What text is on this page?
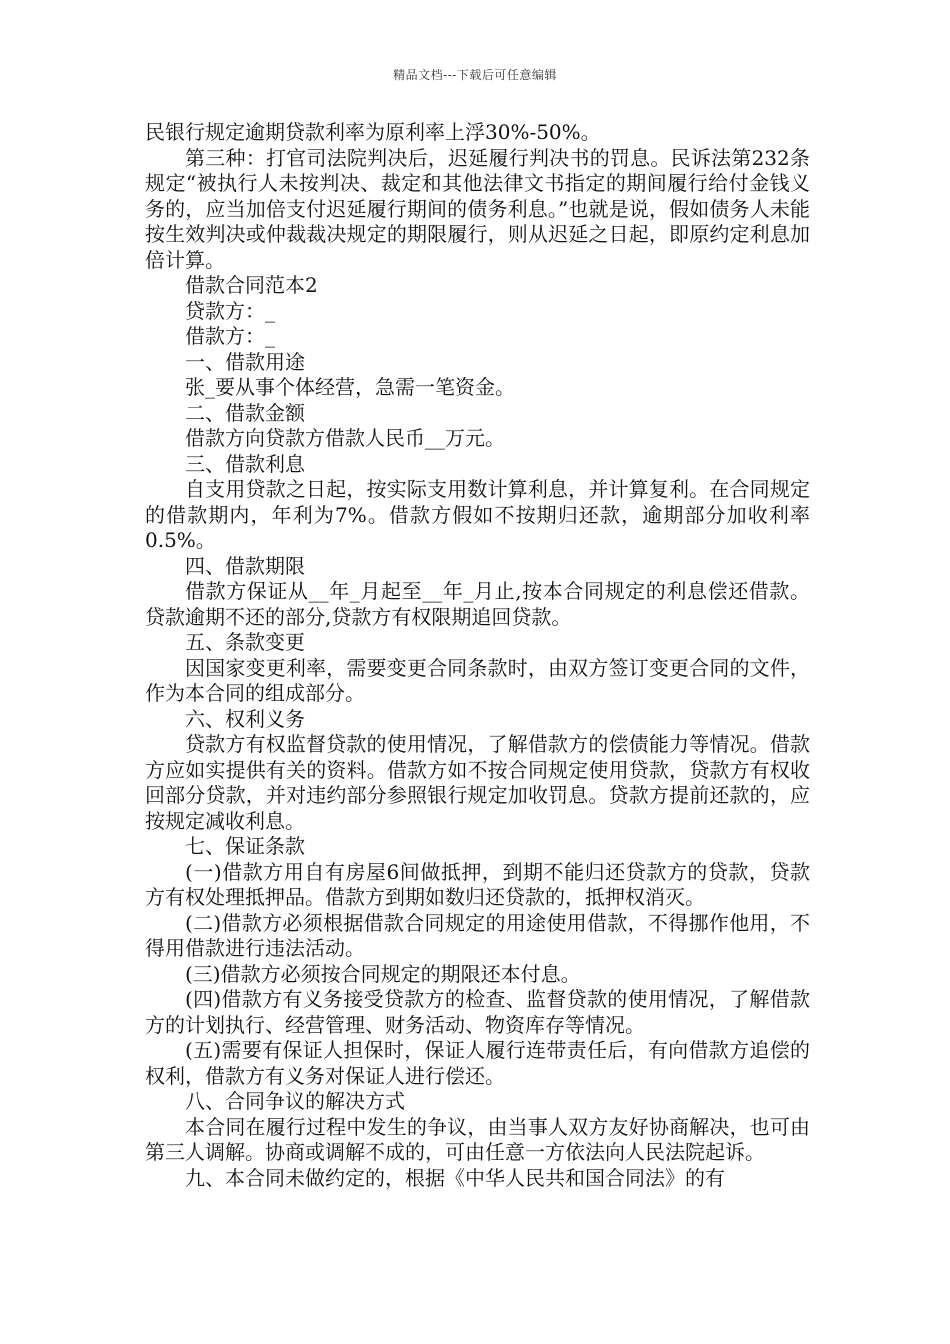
精品文档---下载后可任意编辑

民银行规定逾期贷款利率为原利率上浮30%-50%。

第三种：打官司法院判决后，迟延履行判决书的罚息。民诉法第232条规定“被执行人未按判决、裁定和其他法律文书指定的期间履行给付金钱义务的，应当加倍支付迟延履行期间的债务利息。”也就是说，假如债务人未能按生效判决或仲裁裁决规定的期限履行，则从迟延之日起，即原约定利息加倍计算。

借款合同范本2

贷款方：_

借款方：_

一、借款用途

张_要从事个体经营，急需一笔资金。

二、借款金额

借款方向贷款方借款人民币__万元。

三、借款利息

自支用贷款之日起，按实际支用数计算利息，并计算复利。在合同规定的借款期内，年利为7%。借款方假如不按期归还款，逾期部分加收利率0.5%。

四、借款期限

借款方保证从__年_月起至__年_月止,按本合同规定的利息偿还借款。贷款逾期不还的部分,贷款方有权限期追回贷款。

五、条款变更

因国家变更利率，需要变更合同条款时，由双方签订变更合同的文件，作为本合同的组成部分。

六、权利义务

贷款方有权监督贷款的使用情况，了解借款方的偿债能力等情况。借款方应如实提供有关的资料。借款方如不按合同规定使用贷款，贷款方有权收回部分贷款，并对违约部分参照银行规定加收罚息。贷款方提前还款的，应按规定减收利息。

七、保证条款

(一)借款方用自有房屋6间做抵押，到期不能归还贷款方的贷款，贷款方有权处理抵押品。借款方到期如数归还贷款的，抵押权消灭。

(二)借款方必须根据借款合同规定的用途使用借款，不得挪作他用，不得用借款进行违法活动。

(三)借款方必须按合同规定的期限还本付息。

(四)借款方有义务接受贷款方的检查、监督贷款的使用情况，了解借款方的计划执行、经营管理、财务活动、物资库存等情况。

(五)需要有保证人担保时，保证人履行连带责任后，有向借款方追偿的权利，借款方有义务对保证人进行偿还。

八、合同争议的解决方式

本合同在履行过程中发生的争议，由当事人双方友好协商解决，也可由第三人调解。协商或调解不成的，可由任意一方依法向人民法院起诉。

九、本合同未做约定的，根据《中华人民共和国合同法》的有
